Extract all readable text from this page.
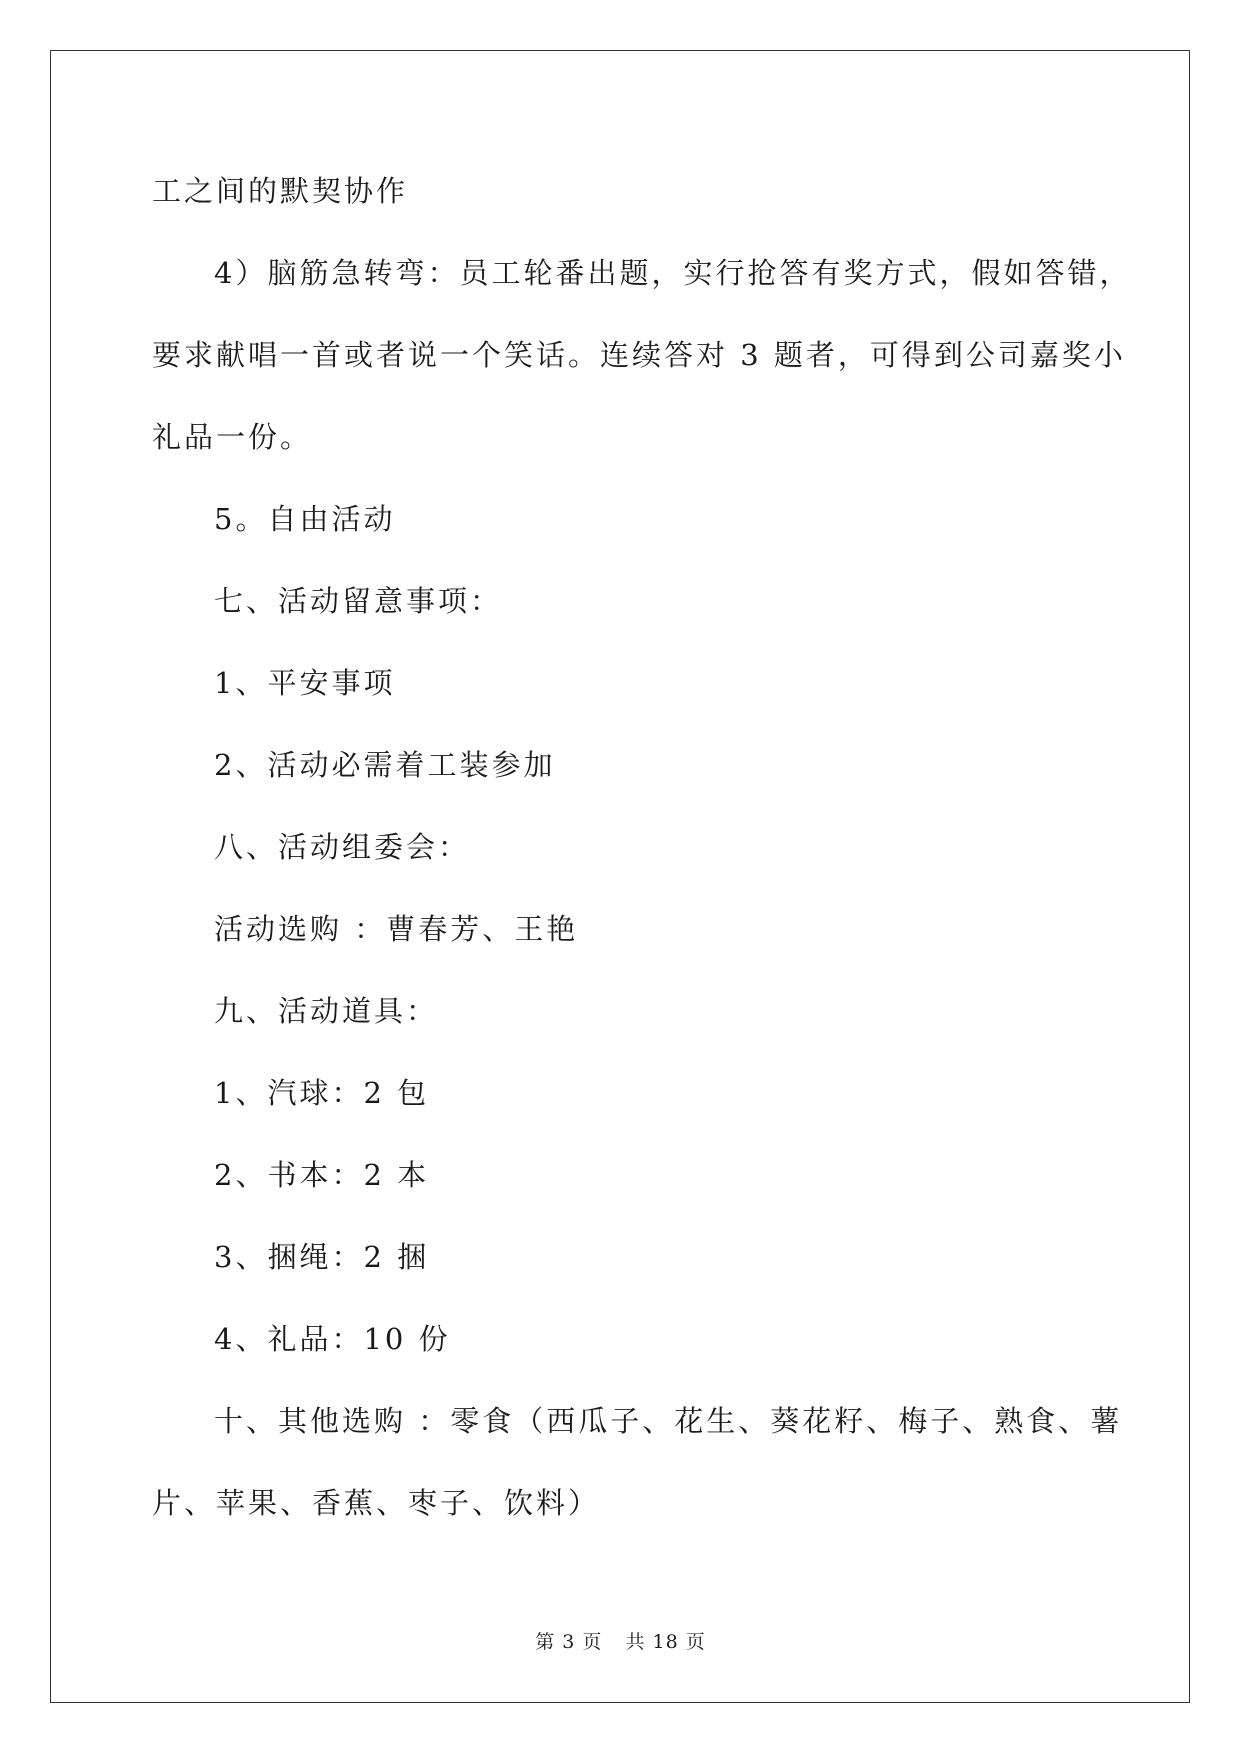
工之间的默契协作

4）脑筋急转弯：员工轮番出题，实行抢答有奖方式，假如答错，

要求献唱一首或者说一个笑话。连续答对 3 题者，可得到公司嘉奖小

礼品一份。

5。自由活动

七、活动留意事项：

1、平安事项

2、活动必需着工装参加

八、活动组委会：

活动选购 ：曹春芳、王艳

九、活动道具：

1、汽球：2 包

2、书本：2 本

3、捆绳：2 捆

4、礼品：10 份

十、其他选购 ：零食（西瓜子、花生、葵花籽、梅子、熟食、薯

片、苹果、香蕉、枣子、饮料）

第 3 页 共 18 页
